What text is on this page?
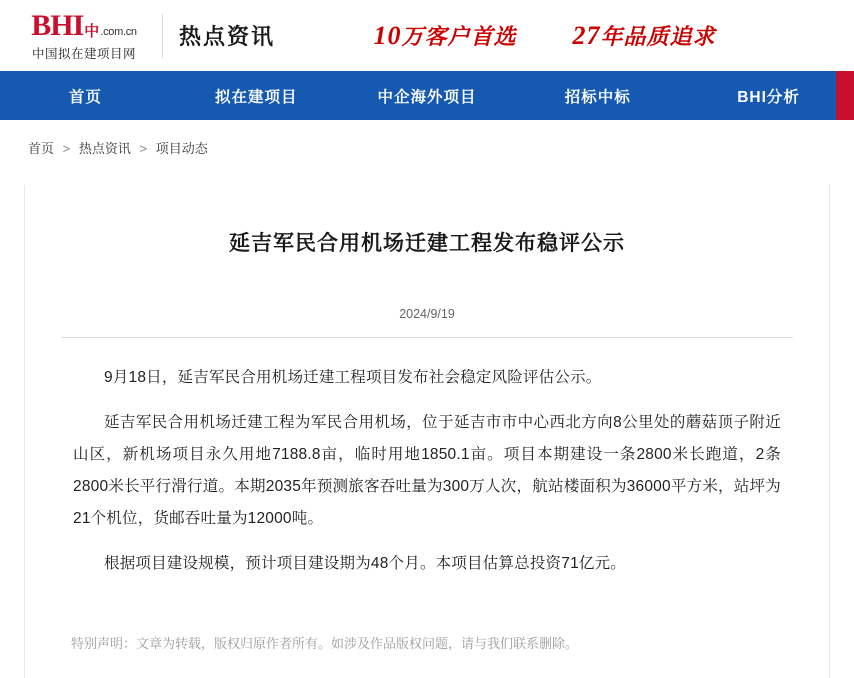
BHI 中 .com.cn
中国拟在建项目网
热点资讯	10万客户首选 27年品质追求
首页	拟在建项目	中企海外项目	招标中标	BHI分析
首页 > 热点资讯 > 项目动态
延吉军民合用机场迁建工程发布稳评公示
2024/9/19

9月18日，延吉军民合用机场迁建工程项目发布社会稳定风险评估公示。

延吉军民合用机场迁建工程为军民合用机场，位于延吉市市中心西北方向8公里处的蘑菇顶子附近山区，新机场项目永久用地7188.8亩，临时用地1850.1亩。项目本期建设一条2800米长跑道，2条2800米长平行滑行道。本期2035年预测旅客吞吐量为300万人次，航站楼面积为36000平方米，站坪为21个机位，货邮吞吐量为12000吨。

根据项目建设规模，预计项目建设期为48个月。本项目估算总投资71亿元。

特别声明：文章为转载，版权归原作者所有。如涉及作品版权问题，请与我们联系删除。
